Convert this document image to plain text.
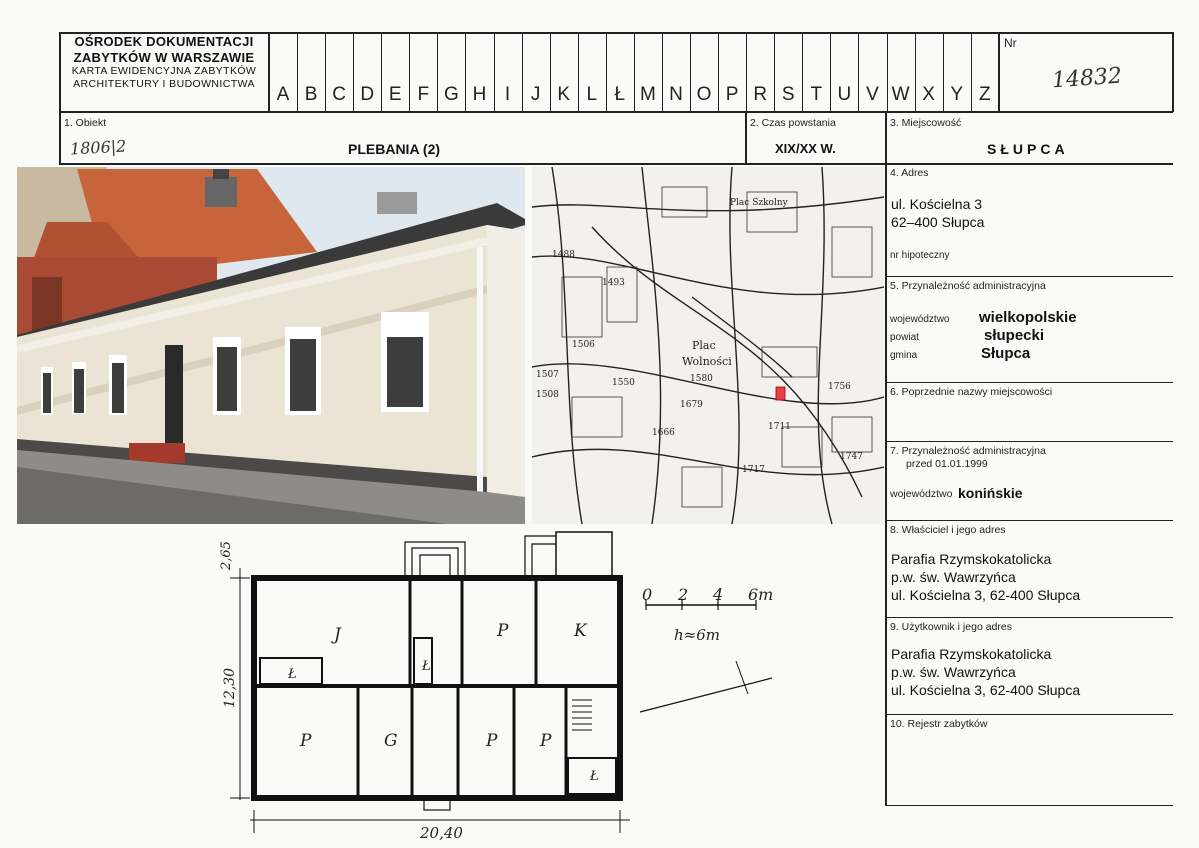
OŚRODEK DOKUMENTACJI
ZABYTKÓW W WARSZAWIE
KARTA EWIDENCYJNA ZABYTKÓW
ARCHITEKTURY I BUDOWNICTWA
A B C D E F G H I	J K L Ł M N O P R S T U V W X Y Z
Nr
14832
1. Obiekt
1806|2	PLEBANIA (2)
2. Czas powstania
XIX/XX W.
3. Miejscowość
SŁUPCA
Plac
Wolności
1580
1679
1711
1756
1747
1717
1666
1550
1508
1507
1506
1488
1493
Plac Szkolny
4. Adres
ul. Kościelna 3
62–400 Słupca
nr hipoteczny
5. Przynależność administracyjna
województwo wielkopolskie
powiat	słupecki
gmina	Słupca
6. Poprzednie nazwy miejscowości
7. Przynależność administracyjna
przed 01.01.1999
województwo konińskie
8. Właściciel i jego adres
Parafia Rzymskokatolicka
p.w. św. Wawrzyńca
ul. Kościelna 3, 62-400 Słupca
9. Użytkownik i jego adres
Parafia Rzymskokatolicka
p.w. św. Wawrzyńca
ul. Kościelna 3, 62-400 Słupca
10. Rejestr zabytków
J	P	K
Ł
Ł
P	G	P	P
Ł
20,40
12,30
2,65
0 2 4 6m
h≈6m
